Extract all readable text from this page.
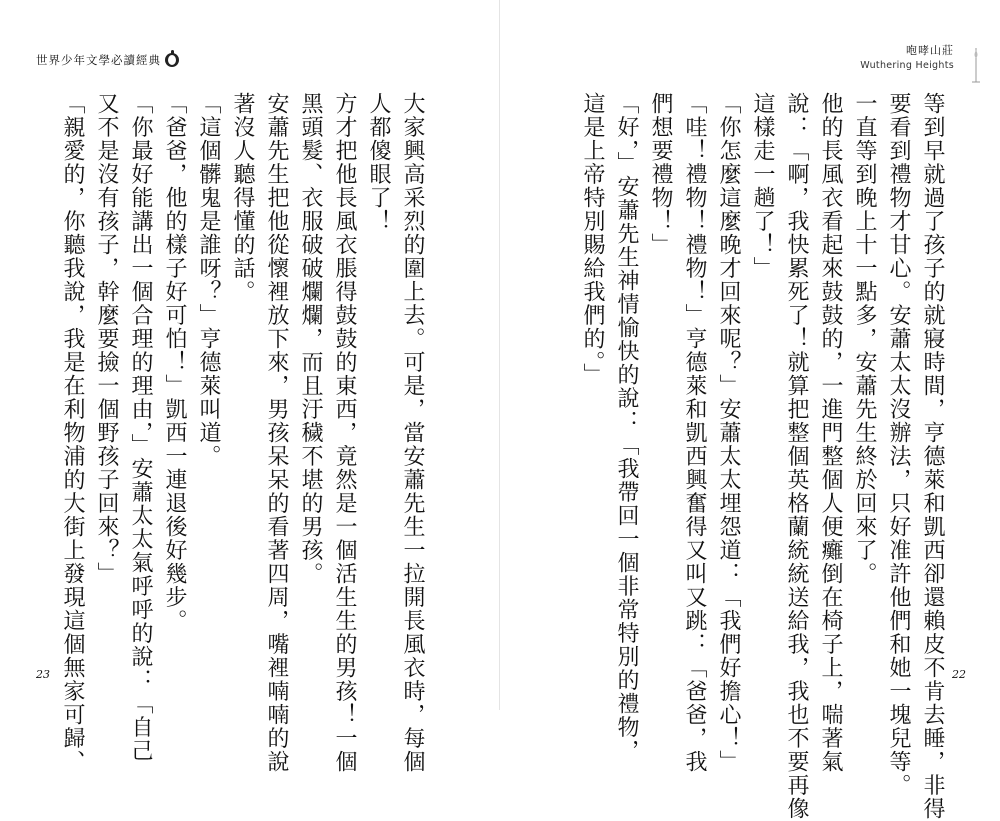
世界少年文學必讀經典
大家興高采烈的圍上去。可是，當安蕭先生一拉開長風衣時，每個
人都傻眼了！
方才把他長風衣脹得鼓鼓的東西，竟然是一個活生生的男孩！一個
黑頭髮、衣服破破爛爛，而且汙穢不堪的男孩。
安蕭先生把他從懷裡放下來，男孩呆呆的看著四周，嘴裡喃喃的說
著沒人聽得懂的話。
「這個髒鬼是誰呀？」亨德萊叫道。
「爸爸，他的樣子好可怕！」凱西一連退後好幾步。
「你最好能講出一個合理的理由，」安蕭太太氣呼呼的說：「自己
又不是沒有孩子，幹麼要撿一個野孩子回來？」
「親愛的，你聽我說，我是在利物浦的大街上發現這個無家可歸、
23
咆哮山莊
Wuthering Heights
等到早就過了孩子的就寢時間，亨德萊和凱西卻還賴皮不肯去睡，非得
要看到禮物才甘心。安蕭太太沒辦法，只好准許他們和她一塊兒等。
一直等到晚上十一點多，安蕭先生終於回來了。
他的長風衣看起來鼓鼓的，一進門整個人便癱倒在椅子上，喘著氣
說：「啊，我快累死了！就算把整個英格蘭統統送給我，我也不要再像
這樣走一趟了！」
「你怎麼這麼晚才回來呢？」安蕭太太埋怨道：「我們好擔心！」
「哇！禮物！禮物！」亨德萊和凱西興奮得又叫又跳：「爸爸，我
們想要禮物！」
「好，」安蕭先生神情愉快的說：「我帶回一個非常特別的禮物，
這是上帝特別賜給我們的。」
22
